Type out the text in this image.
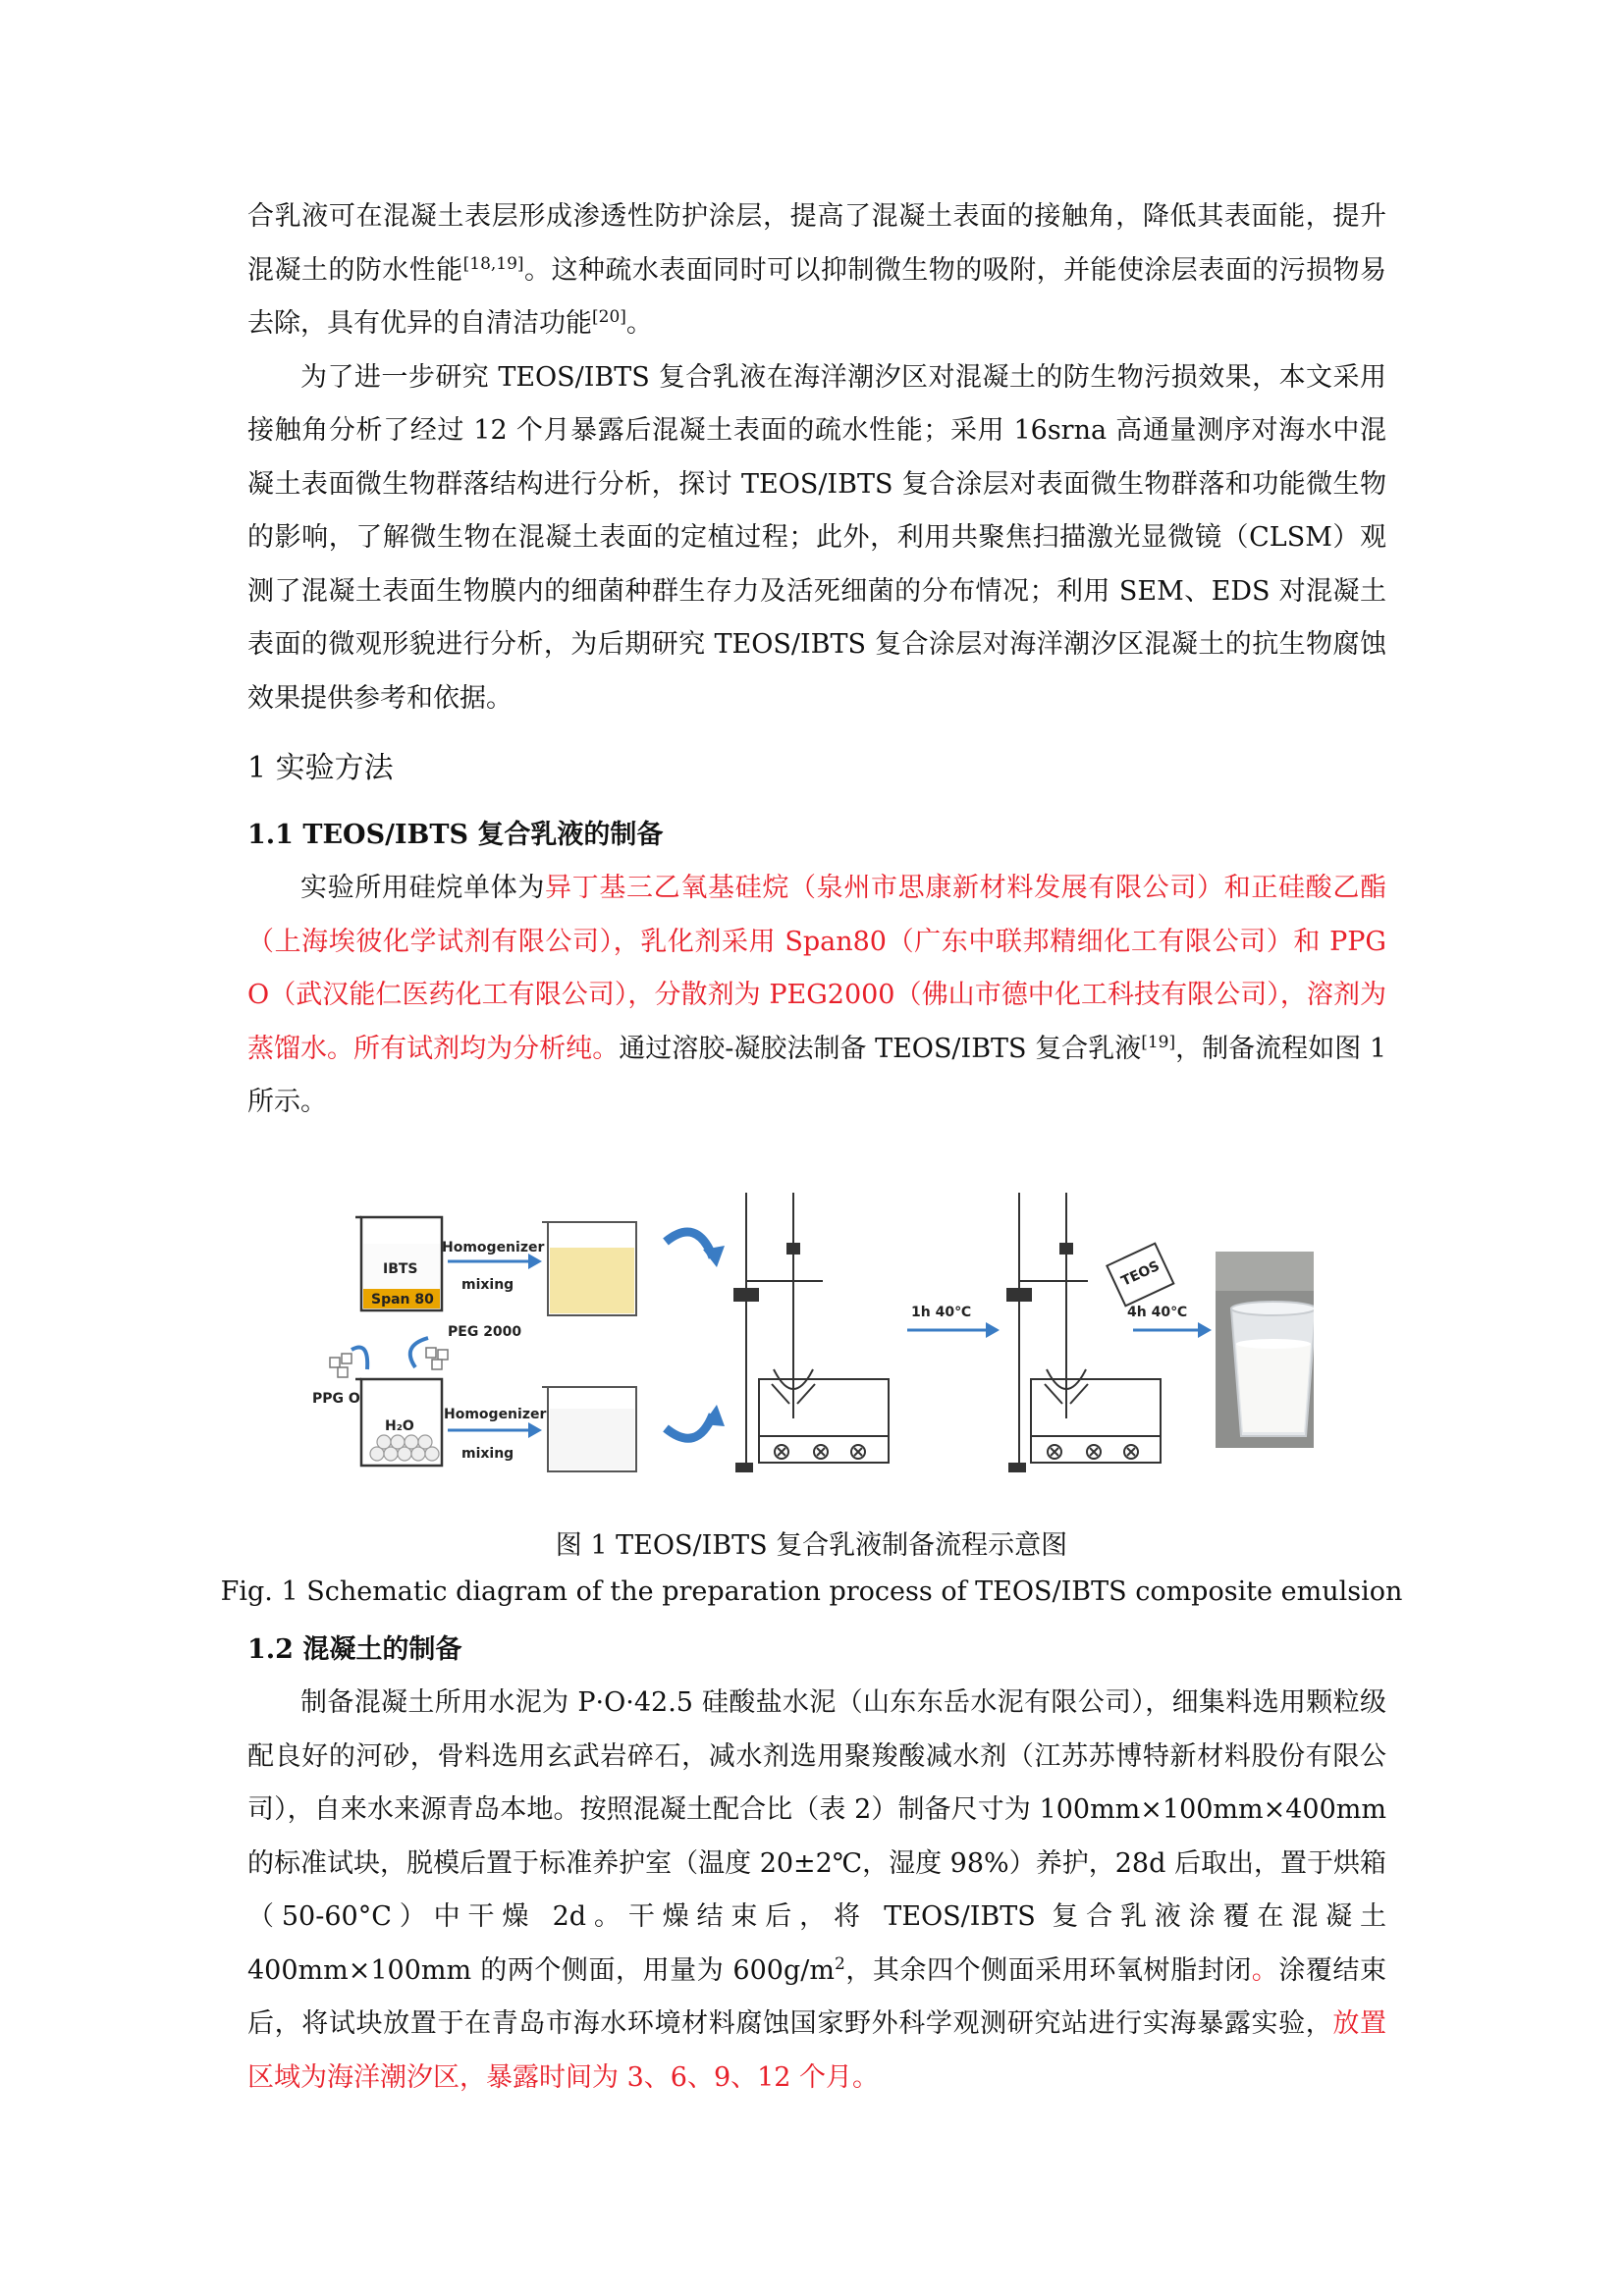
合乳液可在混凝土表层形成渗透性防护涂层，提高了混凝土表面的接触角，降低其表面能，提升混凝土的防水性能[18,19]。这种疏水表面同时可以抑制微生物的吸附，并能使涂层表面的污损物易去除，具有优异的自清洁功能[20]。

为了进一步研究 TEOS/IBTS 复合乳液在海洋潮汐区对混凝土的防生物污损效果，本文采用接触角分析了经过 12 个月暴露后混凝土表面的疏水性能；采用 16srna 高通量测序对海水中混凝土表面微生物群落结构进行分析，探讨 TEOS/IBTS 复合涂层对表面微生物群落和功能微生物的影响，了解微生物在混凝土表面的定植过程；此外，利用共聚焦扫描激光显微镜（CLSM）观测了混凝土表面生物膜内的细菌种群生存力及活死细菌的分布情况；利用 SEM、EDS 对混凝土表面的微观形貌进行分析，为后期研究 TEOS/IBTS 复合涂层对海洋潮汐区混凝土的抗生物腐蚀效果提供参考和依据。

1 实验方法
1.1 TEOS/IBTS 复合乳液的制备

实验所用硅烷单体为异丁基三乙氧基硅烷（泉州市思康新材料发展有限公司）和正硅酸乙酯（上海埃彼化学试剂有限公司），乳化剂采用 Span80（广东中联邦精细化工有限公司）和 PPG O（武汉能仁医药化工有限公司），分散剂为 PEG2000（佛山市德中化工科技有限公司），溶剂为蒸馏水。所有试剂均为分析纯。通过溶胶-凝胶法制备 TEOS/IBTS 复合乳液[19]，制备流程如图 1 所示。

IBTS
Span 80
Homogenizer
mixing
PEG 2000
PPG O
H₂O
Homogenizer
mixing
1h 40℃
TEOS
4h 40℃
图 1 TEOS/IBTS 复合乳液制备流程示意图
Fig. 1 Schematic diagram of the preparation process of TEOS/IBTS composite emulsion
1.2 混凝土的制备

制备混凝土所用水泥为 P·O·42.5 硅酸盐水泥（山东东岳水泥有限公司），细集料选用颗粒级配良好的河砂，骨料选用玄武岩碎石，减水剂选用聚羧酸减水剂（江苏苏博特新材料股份有限公司），自来水来源青岛本地。按照混凝土配合比（表 2）制备尺寸为 100mm×100mm×400mm 的标准试块，脱模后置于标准养护室（温度 20±2℃，湿度 98%）养护，28d 后取出，置于烘箱（50-60°C）中干燥 2d。干燥结束后，将 TEOS/IBTS 复合乳液涂覆在混凝土 400mm×100mm 的两个侧面，用量为 $600g/m^2$，其余四个侧面采用环氧树脂封闭。涂覆结束后，将试块放置于在青岛市海水环境材料腐蚀国家野外科学观测研究站进行实海暴露实验，放置区域为海洋潮汐区，暴露时间为 3、6、9、12 个月。
